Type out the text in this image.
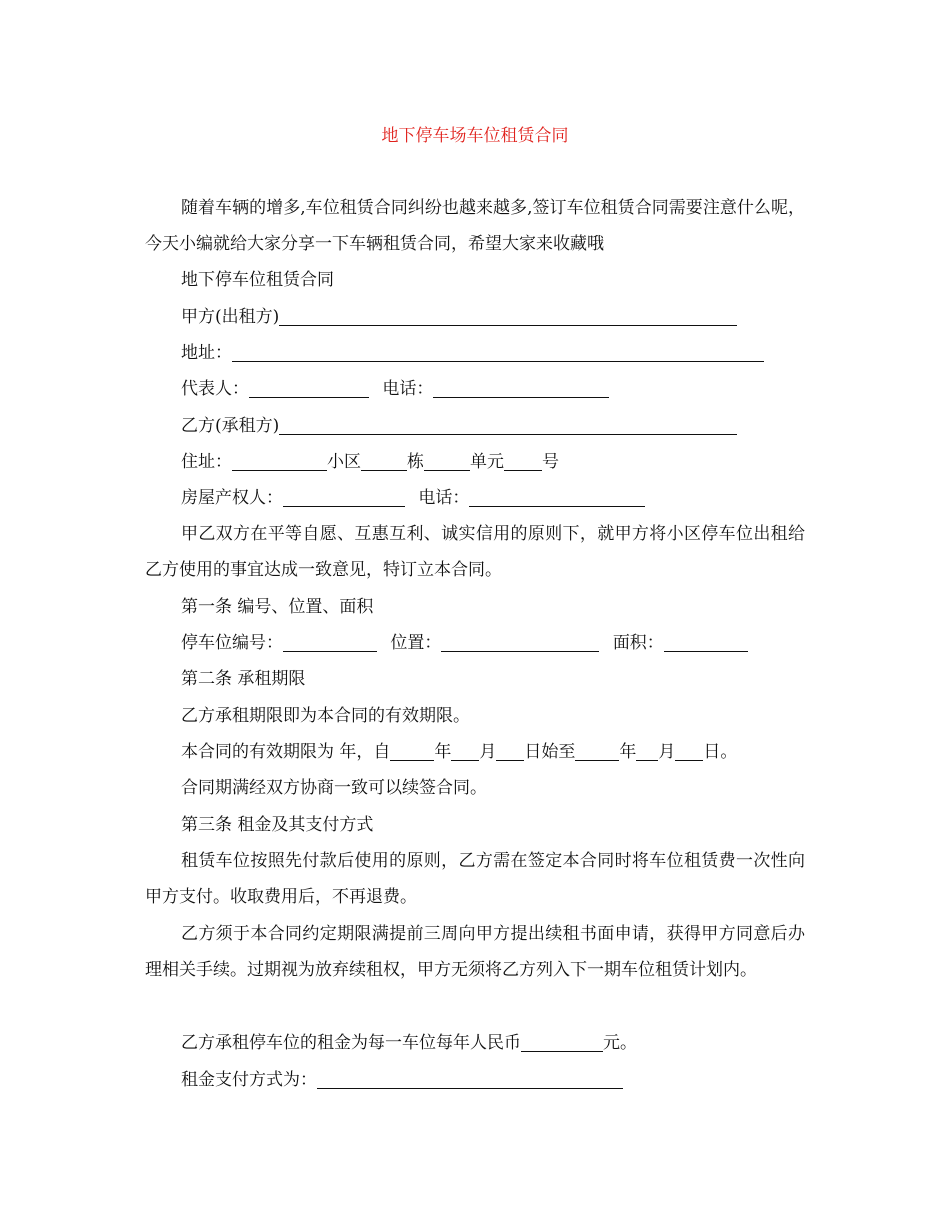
地下停车场车位租赁合同
随着车辆的增多,车位租赁合同纠纷也越来越多,签订车位租赁合同需要注意什么呢，今天小编就给大家分享一下车辆租赁合同，希望大家来收藏哦
地下停车位租赁合同
甲方(出租方)
地址：
代表人：	电话：
乙方(承租方)
住址：	小区	栋	单元 号
房屋产权人：	电话：
甲乙双方在平等自愿、互惠互利、诚实信用的原则下，就甲方将小区停车位出租给乙方使用的事宜达成一致意见，特订立本合同。
第一条 编号、位置、面积
停车位编号：	位置：	面积：
第二条 承租期限
乙方承租期限即为本合同的有效期限。
本合同的有效期限为 年，自	年 月 日始至	年 月 日。
合同期满经双方协商一致可以续签合同。
第三条 租金及其支付方式
租赁车位按照先付款后使用的原则，乙方需在签定本合同时将车位租赁费一次性向甲方支付。收取费用后，不再退费。
乙方须于本合同约定期限满提前三周向甲方提出续租书面申请，获得甲方同意后办理相关手续。过期视为放弃续租权，甲方无须将乙方列入下一期车位租赁计划内。
乙方承租停车位的租金为每一车位每年人民币	元。
租金支付方式为：
